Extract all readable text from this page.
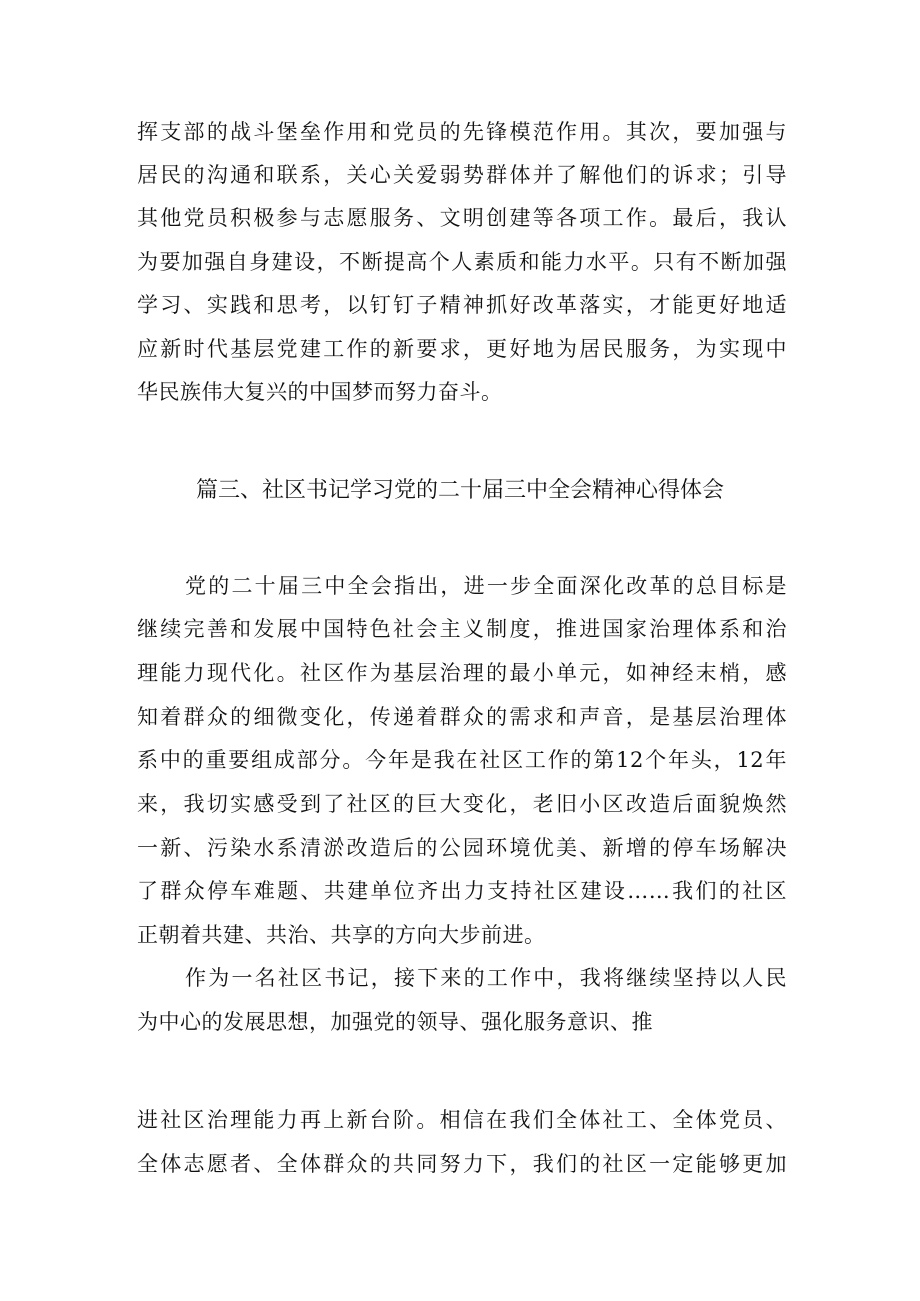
挥支部的战斗堡垒作用和党员的先锋模范作用。其次，要加强与
居民的沟通和联系，关心关爱弱势群体并了解他们的诉求；引导
其他党员积极参与志愿服务、文明创建等各项工作。最后，我认
为要加强自身建设，不断提高个人素质和能力水平。只有不断加强
学习、实践和思考，以钉钉子精神抓好改革落实，才能更好地适
应新时代基层党建工作的新要求，更好地为居民服务，为实现中
华民族伟大复兴的中国梦而努力奋斗。
篇三、社区书记学习党的二十届三中全会精神心得体会
党的二十届三中全会指出，进一步全面深化改革的总目标是
继续完善和发展中国特色社会主义制度，推进国家治理体系和治
理能力现代化。社区作为基层治理的最小单元，如神经末梢，感
知着群众的细微变化，传递着群众的需求和声音，是基层治理体
系中的重要组成部分。今年是我在社区工作的第12个年头，12年
来，我切实感受到了社区的巨大变化，老旧小区改造后面貌焕然
一新、污染水系清淤改造后的公园环境优美、新增的停车场解决
了群众停车难题、共建单位齐出力支持社区建设……我们的社区
正朝着共建、共治、共享的方向大步前进。
作为一名社区书记，接下来的工作中，我将继续坚持以人民
为中心的发展思想，加强党的领导、强化服务意识、推
进社区治理能力再上新台阶。相信在我们全体社工、全体党员、
全体志愿者、全体群众的共同努力下，我们的社区一定能够更加
